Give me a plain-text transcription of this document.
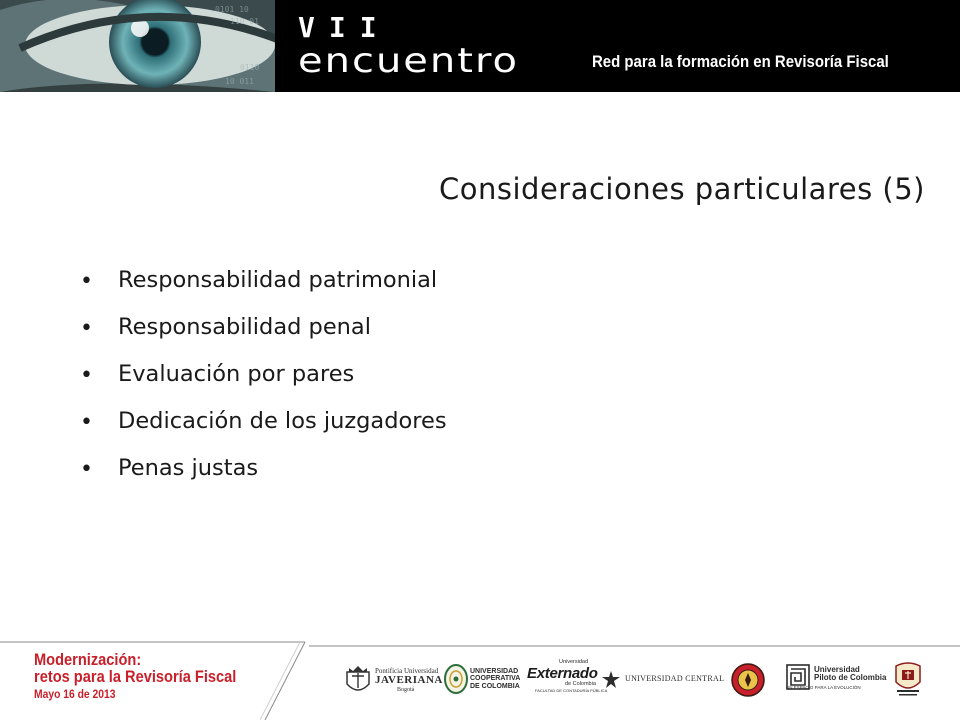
0101 10
110 01
0110
10 011
VII
encuentro	Red para la formación en Revisoría Fiscal
Consideraciones particulares (5)
• Responsabilidad patrimonial
• Responsabilidad penal
• Evaluación por pares
• Dedicación de los juzgadores
• Penas justas
Modernización:
retos para la Revisoría Fiscal
Mayo 16 de 2013
Pontificia Universidad
JAVERIANA
Bogotá
UNIVERSIDAD
COOPERATIVA
DE COLOMBIA
Universidad
Externado
de Colombia
FACULTAD DE CONTADURÍA PÚBLICA
UNIVERSIDAD CENTRAL
Universidad
Piloto de Colombia
UN ESPACIO PARA LA EVOLUCIÓN
